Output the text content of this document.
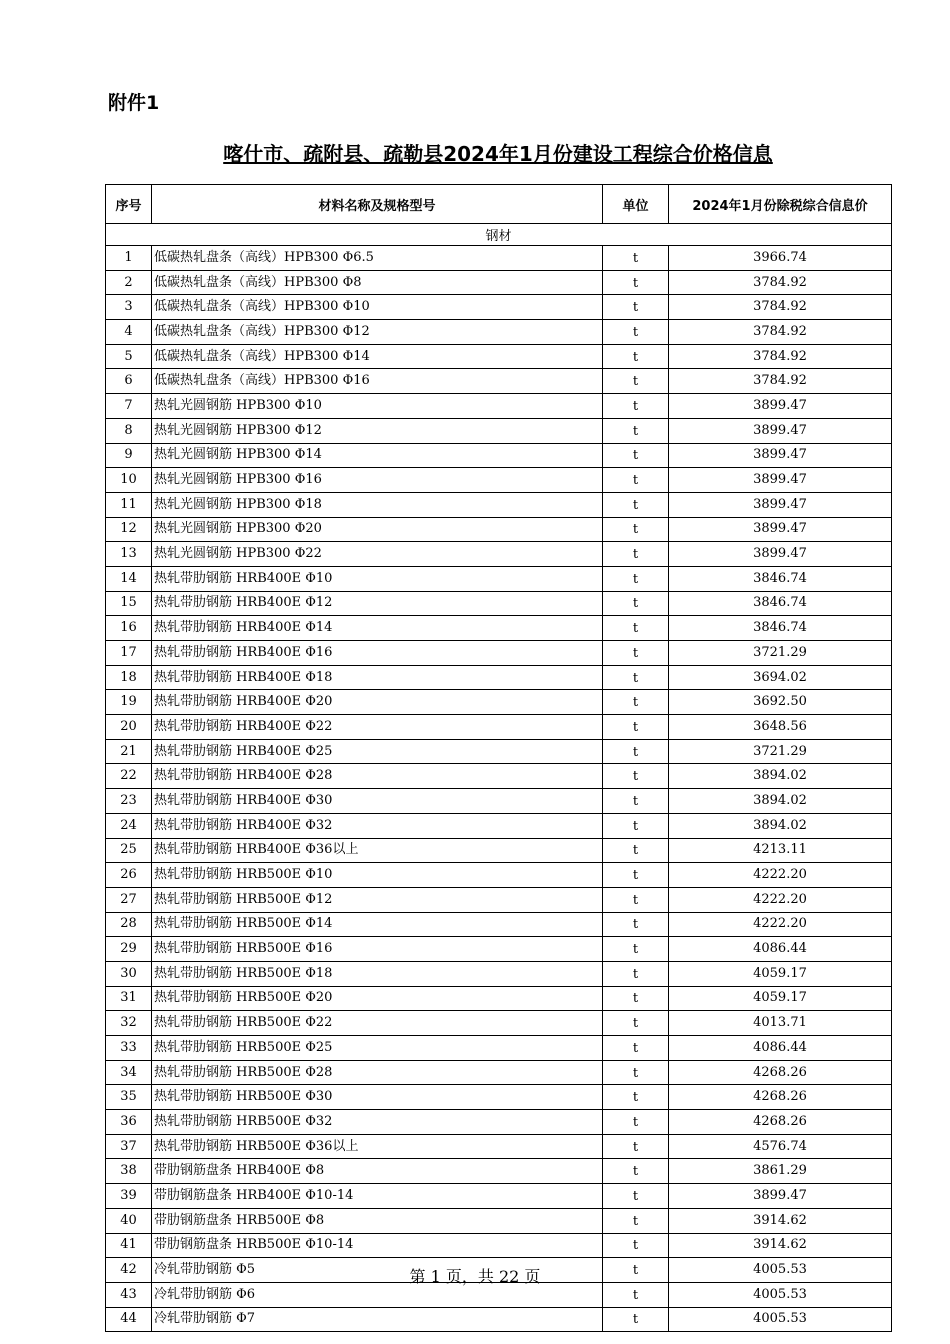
附件1
喀什市、疏附县、疏勒县2024年1月份建设工程综合价格信息
序号	材料名称及规格型号	单位	2024年1月份除税综合信息价
钢材			
1	低碳热轧盘条（高线）HPB300 Φ6.5	t	3966.74
2	低碳热轧盘条（高线）HPB300 Φ8	t	3784.92
3	低碳热轧盘条（高线）HPB300 Φ10	t	3784.92
4	低碳热轧盘条（高线）HPB300 Φ12	t	3784.92
5	低碳热轧盘条（高线）HPB300 Φ14	t	3784.92
6	低碳热轧盘条（高线）HPB300 Φ16	t	3784.92
7	热轧光圆钢筋 HPB300 Φ10	t	3899.47
8	热轧光圆钢筋 HPB300 Φ12	t	3899.47
9	热轧光圆钢筋 HPB300 Φ14	t	3899.47
10	热轧光圆钢筋 HPB300 Φ16	t	3899.47
11	热轧光圆钢筋 HPB300 Φ18	t	3899.47
12	热轧光圆钢筋 HPB300 Φ20	t	3899.47
13	热轧光圆钢筋 HPB300 Φ22	t	3899.47
14	热轧带肋钢筋 HRB400E Φ10	t	3846.74
15	热轧带肋钢筋 HRB400E Φ12	t	3846.74
16	热轧带肋钢筋 HRB400E Φ14	t	3846.74
17	热轧带肋钢筋 HRB400E Φ16	t	3721.29
18	热轧带肋钢筋 HRB400E Φ18	t	3694.02
19	热轧带肋钢筋 HRB400E Φ20	t	3692.50
20	热轧带肋钢筋 HRB400E Φ22	t	3648.56
21	热轧带肋钢筋 HRB400E Φ25	t	3721.29
22	热轧带肋钢筋 HRB400E Φ28	t	3894.02
23	热轧带肋钢筋 HRB400E Φ30	t	3894.02
24	热轧带肋钢筋 HRB400E Φ32	t	3894.02
25	热轧带肋钢筋 HRB400E Φ36以上	t	4213.11
26	热轧带肋钢筋 HRB500E Φ10	t	4222.20
27	热轧带肋钢筋 HRB500E Φ12	t	4222.20
28	热轧带肋钢筋 HRB500E Φ14	t	4222.20
29	热轧带肋钢筋 HRB500E Φ16	t	4086.44
30	热轧带肋钢筋 HRB500E Φ18	t	4059.17
31	热轧带肋钢筋 HRB500E Φ20	t	4059.17
32	热轧带肋钢筋 HRB500E Φ22	t	4013.71
33	热轧带肋钢筋 HRB500E Φ25	t	4086.44
34	热轧带肋钢筋 HRB500E Φ28	t	4268.26
35	热轧带肋钢筋 HRB500E Φ30	t	4268.26
36	热轧带肋钢筋 HRB500E Φ32	t	4268.26
37	热轧带肋钢筋 HRB500E Φ36以上	t	4576.74
38	带肋钢筋盘条 HRB400E Φ8	t	3861.29
39	带肋钢筋盘条 HRB400E Φ10-14	t	3899.47
40	带肋钢筋盘条 HRB500E Φ8	t	3914.62
41	带肋钢筋盘条 HRB500E Φ10-14	t	3914.62
42	冷轧带肋钢筋 Φ5	t	4005.53
43	冷轧带肋钢筋 Φ6	t	4005.53
44	冷轧带肋钢筋 Φ7	t	4005.53
第 1 页，共 22 页
